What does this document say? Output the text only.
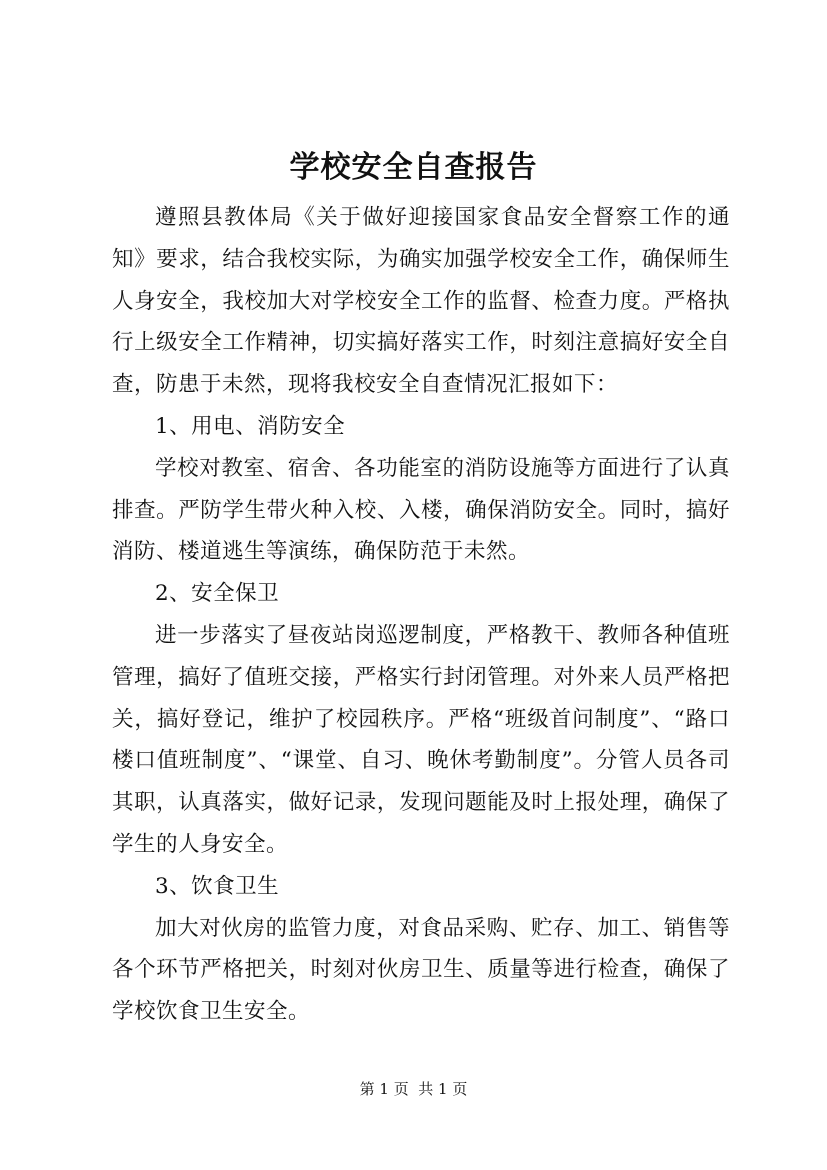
学校安全自查报告

遵照县教体局《关于做好迎接国家食品安全督察工作的通知》要求，结合我校实际，为确实加强学校安全工作，确保师生人身安全，我校加大对学校安全工作的监督、检查力度。严格执行上级安全工作精神，切实搞好落实工作，时刻注意搞好安全自查，防患于未然，现将我校安全自查情况汇报如下：

1、用电、消防安全

学校对教室、宿舍、各功能室的消防设施等方面进行了认真排查。严防学生带火种入校、入楼，确保消防安全。同时，搞好消防、楼道逃生等演练，确保防范于未然。

2、安全保卫

进一步落实了昼夜站岗巡逻制度，严格教干、教师各种值班管理，搞好了值班交接，严格实行封闭管理。对外来人员严格把关，搞好登记，维护了校园秩序。严格“班级首问制度”、“路口楼口值班制度”、“课堂、自习、晚休考勤制度”。分管人员各司其职，认真落实，做好记录，发现问题能及时上报处理，确保了学生的人身安全。

3、饮食卫生

加大对伙房的监管力度，对食品采购、贮存、加工、销售等各个环节严格把关，时刻对伙房卫生、质量等进行检查，确保了学校饮食卫生安全。

第 1 页  共 1 页
